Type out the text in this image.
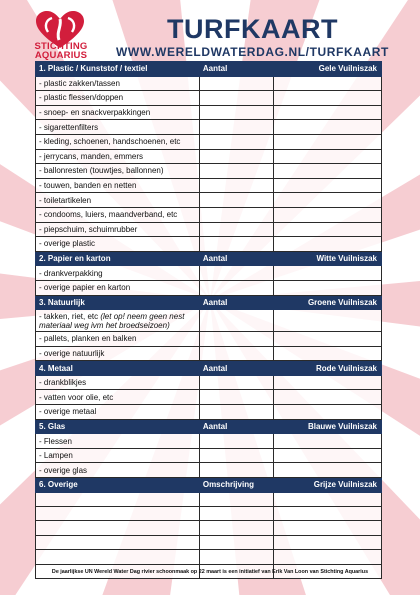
STICHTING
AQUARIUS
TURFKAART
WWW.WERELDWATERDAG.NL/TURFKAART
1. Plastic / Kunststof / textiel	Aantal	Gele Vuilniszak
- plastic zakken/tassen		
- plastic flessen/doppen		
- snoep- en snackverpakkingen		
- sigarettenfilters		
- kleding, schoenen, handschoenen, etc		
- jerrycans, manden, emmers		
- ballonresten (touwtjes, ballonnen)		
- touwen, banden en netten		
- toiletartikelen		
- condooms, luiers, maandverband, etc		
- piepschuim, schuimrubber		
- overige plastic		
2. Papier en karton	Aantal	Witte Vuilniszak
- drankverpakking		
- overige papier en karton		
3. Natuurlijk	Aantal	Groene Vuilniszak
- takken, riet, etc (let op! neem geen nest materiaal weg ivm het broedseizoen)		
- pallets, planken en balken		
- overige natuurlijk		
4. Metaal	Aantal	Rode Vuilniszak
- drankblikjes		
- vatten voor olie, etc		
- overige metaal		
5. Glas	Aantal	Blauwe Vuilniszak
- Flessen		
- Lampen		
- overige glas		
6. Overige	Omschrijving	Grijze Vuilniszak

De jaarlijkse UN Wereld Water Dag rivier schoonmaak op 22 maart is een initiatief van Erik Van Loon van Stichting Aquarius
